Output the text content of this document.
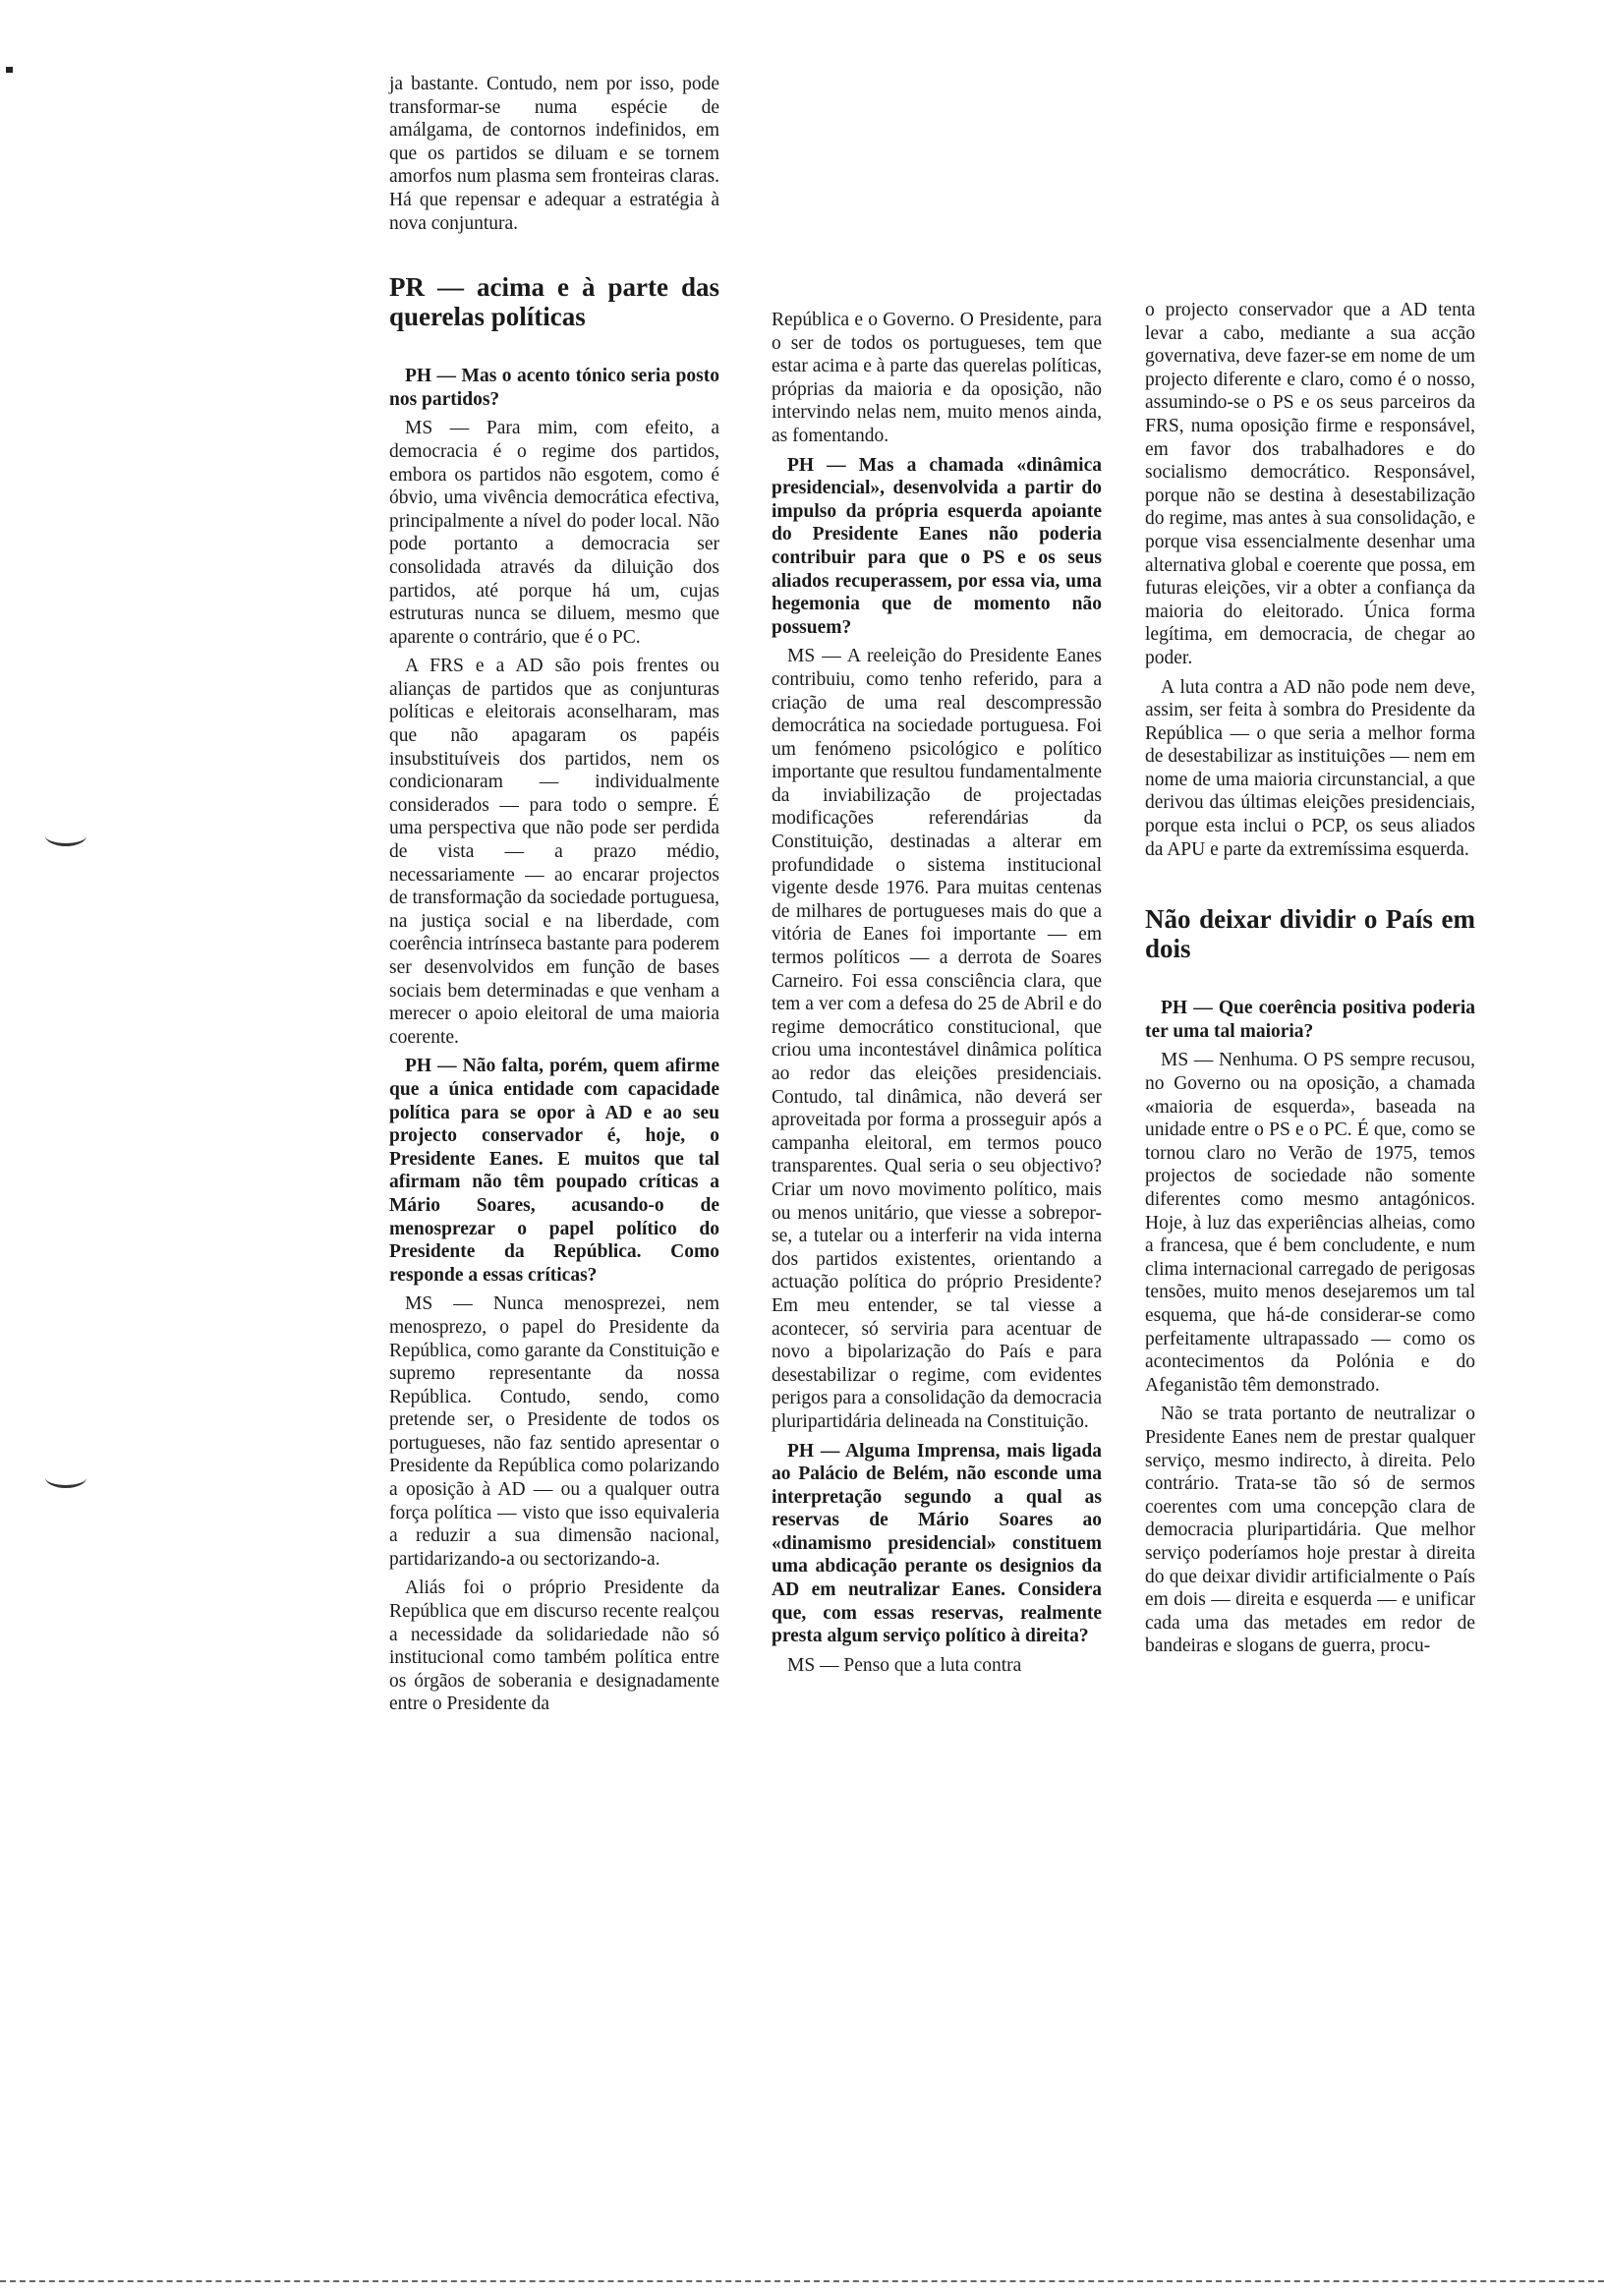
ja bastante. Contudo, nem por isso, pode transformar-se numa espécie de amálgama, de contornos indefinidos, em que os partidos se diluam e se tornem amorfos num plasma sem fronteiras claras. Há que repensar e adequar a estratégia à nova conjuntura.

PR — acima e à parte das querelas políticas

PH — Mas o acento tónico seria posto nos partidos?

MS — Para mim, com efeito, a democracia é o regime dos partidos, embora os partidos não esgotem, como é óbvio, uma vivência democrática efectiva, principalmente a nível do poder local. Não pode portanto a democracia ser consolidada através da diluição dos partidos, até porque há um, cujas estruturas nunca se diluem, mesmo que aparente o contrário, que é o PC.

A FRS e a AD são pois frentes ou alianças de partidos que as conjunturas políticas e eleitorais aconselharam, mas que não apagaram os papéis insubstituíveis dos partidos, nem os condicionaram — individualmente considerados — para todo o sempre. É uma perspectiva que não pode ser perdida de vista — a prazo médio, necessariamente — ao encarar projectos de transformação da sociedade portuguesa, na justiça social e na liberdade, com coerência intrínseca bastante para poderem ser desenvolvidos em função de bases sociais bem determinadas e que venham a merecer o apoio eleitoral de uma maioria coerente.

PH — Não falta, porém, quem afirme que a única entidade com capacidade política para se opor à AD e ao seu projecto conservador é, hoje, o Presidente Eanes. E muitos que tal afirmam não têm poupado críticas a Mário Soares, acusando-o de menosprezar o papel político do Presidente da República. Como responde a essas críticas?

MS — Nunca menosprezei, nem menosprezo, o papel do Presidente da República, como garante da Constituição e supremo representante da nossa República. Contudo, sendo, como pretende ser, o Presidente de todos os portugueses, não faz sentido apresentar o Presidente da República como polarizando a oposição à AD — ou a qualquer outra força política — visto que isso equivaleria a reduzir a sua dimensão nacional, partidarizando-a ou sectorizando-a.

Aliás foi o próprio Presidente da República que em discurso recente realçou a necessidade da solidariedade não só institucional como também política entre os órgãos de soberania e designadamente entre o Presidente da

República e o Governo. O Presidente, para o ser de todos os portugueses, tem que estar acima e à parte das querelas políticas, próprias da maioria e da oposição, não intervindo nelas nem, muito menos ainda, as fomentando.

PH — Mas a chamada «dinâmica presidencial», desenvolvida a partir do impulso da própria esquerda apoiante do Presidente Eanes não poderia contribuir para que o PS e os seus aliados recuperassem, por essa via, uma hegemonia que de momento não possuem?

MS — A reeleição do Presidente Eanes contribuiu, como tenho referido, para a criação de uma real descompressão democrática na sociedade portuguesa. Foi um fenómeno psicológico e político importante que resultou fundamentalmente da inviabilização de projectadas modificações referendárias da Constituição, destinadas a alterar em profundidade o sistema institucional vigente desde 1976. Para muitas centenas de milhares de portugueses mais do que a vitória de Eanes foi importante — em termos políticos — a derrota de Soares Carneiro. Foi essa consciência clara, que tem a ver com a defesa do 25 de Abril e do regime democrático constitucional, que criou uma incontestável dinâmica política ao redor das eleições presidenciais. Contudo, tal dinâmica, não deverá ser aproveitada por forma a prosseguir após a campanha eleitoral, em termos pouco transparentes. Qual seria o seu objectivo? Criar um novo movimento político, mais ou menos unitário, que viesse a sobrepor-se, a tutelar ou a interferir na vida interna dos partidos existentes, orientando a actuação política do próprio Presidente? Em meu entender, se tal viesse a acontecer, só serviria para acentuar de novo a bipolarização do País e para desestabilizar o regime, com evidentes perigos para a consolidação da democracia pluripartidária delineada na Constituição.

PH — Alguma Imprensa, mais ligada ao Palácio de Belém, não esconde uma interpretação segundo a qual as reservas de Mário Soares ao «dinamismo presidencial» constituem uma abdicação perante os designios da AD em neutralizar Eanes. Considera que, com essas reservas, realmente presta algum serviço político à direita?

MS — Penso que a luta contra

o projecto conservador que a AD tenta levar a cabo, mediante a sua acção governativa, deve fazer-se em nome de um projecto diferente e claro, como é o nosso, assumindo-se o PS e os seus parceiros da FRS, numa oposição firme e responsável, em favor dos trabalhadores e do socialismo democrático. Responsável, porque não se destina à desestabilização do regime, mas antes à sua consolidação, e porque visa essencialmente desenhar uma alternativa global e coerente que possa, em futuras eleições, vir a obter a confiança da maioria do eleitorado. Única forma legítima, em democracia, de chegar ao poder.

A luta contra a AD não pode nem deve, assim, ser feita à sombra do Presidente da República — o que seria a melhor forma de desestabilizar as instituições — nem em nome de uma maioria circunstancial, a que derivou das últimas eleições presidenciais, porque esta inclui o PCP, os seus aliados da APU e parte da extremíssima esquerda.

Não deixar dividir o País em dois

PH — Que coerência positiva poderia ter uma tal maioria?

MS — Nenhuma. O PS sempre recusou, no Governo ou na oposição, a chamada «maioria de esquerda», baseada na unidade entre o PS e o PC. É que, como se tornou claro no Verão de 1975, temos projectos de sociedade não somente diferentes como mesmo antagónicos. Hoje, à luz das experiências alheias, como a francesa, que é bem concludente, e num clima internacional carregado de perigosas tensões, muito menos desejaremos um tal esquema, que há-de considerar-se como perfeitamente ultrapassado — como os acontecimentos da Polónia e do Afeganistão têm demonstrado.

Não se trata portanto de neutralizar o Presidente Eanes nem de prestar qualquer serviço, mesmo indirecto, à direita. Pelo contrário. Trata-se tão só de sermos coerentes com uma concepção clara de democracia pluripartidária. Que melhor serviço poderíamos hoje prestar à direita do que deixar dividir artificialmente o País em dois — direita e esquerda — e unificar cada uma das metades em redor de bandeiras e slogans de guerra, procu-
